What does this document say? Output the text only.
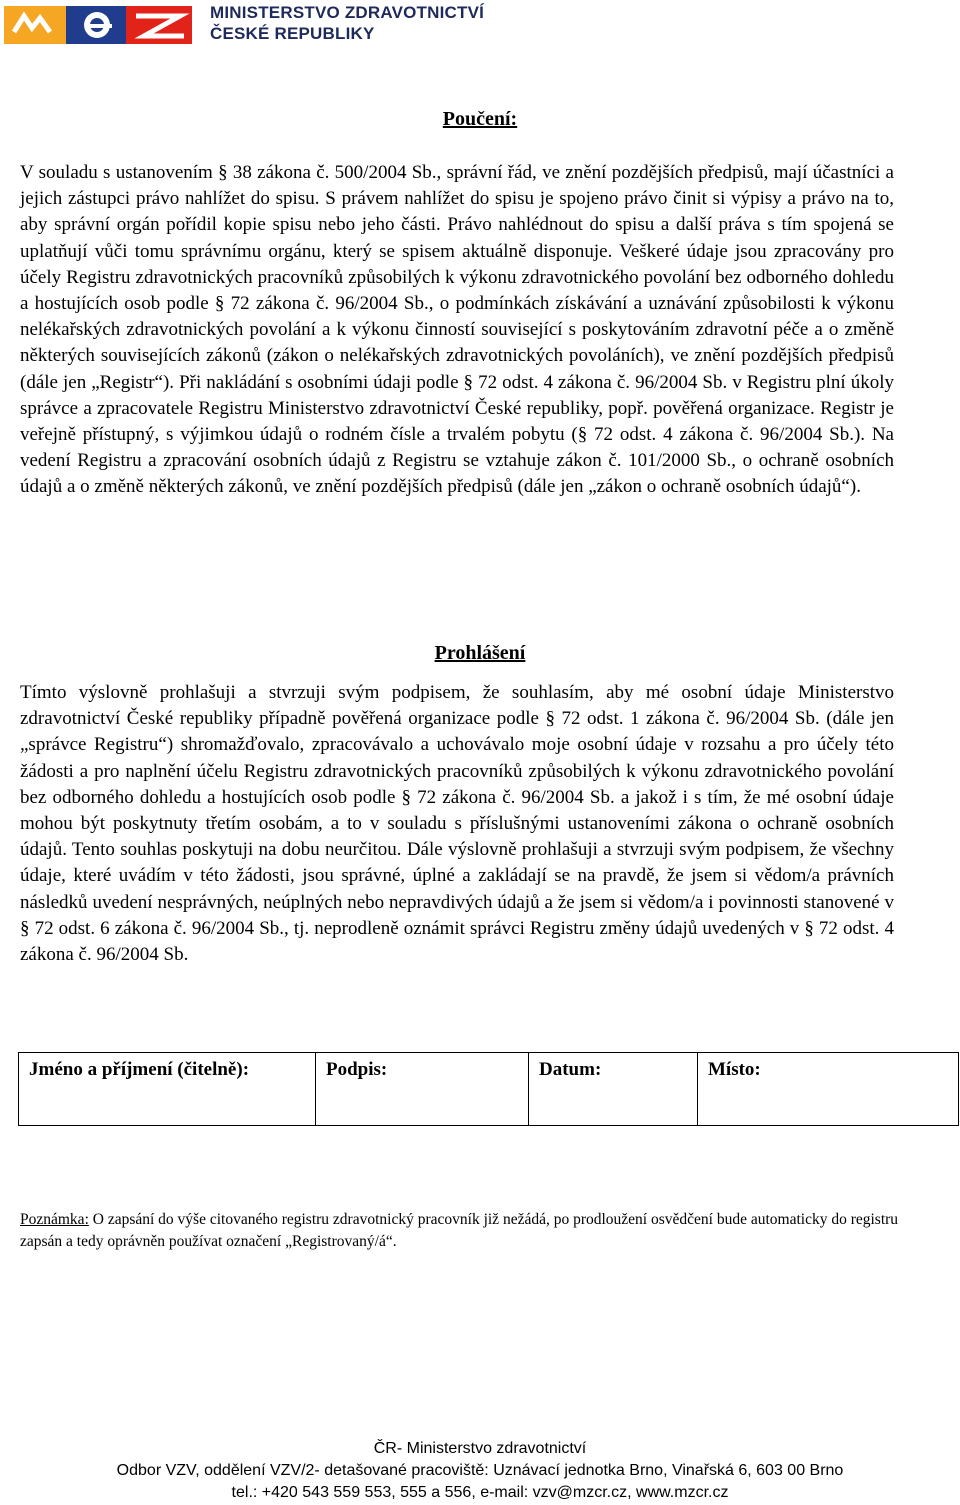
MINISTERSTVO ZDRAVOTNICTVÍ
ČESKÉ REPUBLIKY
Poučení:
V souladu s ustanovením § 38 zákona č. 500/2004 Sb., správní řád, ve znění pozdějších předpisů, mají účastníci a jejich zástupci právo nahlížet do spisu. S právem nahlížet do spisu je spojeno právo činit si výpisy a právo na to, aby správní orgán pořídil kopie spisu nebo jeho části. Právo nahlédnout do spisu a další práva s tím spojená se uplatňují vůči tomu správnímu orgánu, který se spisem aktuálně disponuje. Veškeré údaje jsou zpracovány pro účely Registru zdravotnických pracovníků způsobilých k výkonu zdravotnického povolání bez odborného dohledu a hostujících osob podle § 72 zákona č. 96/2004 Sb., o podmínkách získávání a uznávání způsobilosti k výkonu nelékařských zdravotnických povolání a k výkonu činností související s poskytováním zdravotní péče a o změně některých souvisejících zákonů (zákon o nelékařských zdravotnických povoláních), ve znění pozdějších předpisů (dále jen „Registr“). Při nakládání s osobními údaji podle § 72 odst. 4 zákona č. 96/2004 Sb. v Registru plní úkoly správce a zpracovatele Registru Ministerstvo zdravotnictví České republiky, popř. pověřená organizace. Registr je veřejně přístupný, s výjimkou údajů o rodném čísle a trvalém pobytu (§ 72 odst. 4 zákona č. 96/2004 Sb.). Na vedení Registru a zpracování osobních údajů z Registru se vztahuje zákon č. 101/2000 Sb., o ochraně osobních údajů a o změně některých zákonů, ve znění pozdějších předpisů (dále jen „zákon o ochraně osobních údajů“).
Prohlášení
Tímto výslovně prohlašuji a stvrzuji svým podpisem, že souhlasím, aby mé osobní údaje Ministerstvo zdravotnictví České republiky případně pověřená organizace podle § 72 odst. 1 zákona č. 96/2004 Sb. (dále jen „správce Registru“) shromažďovalo, zpracovávalo a uchovávalo moje osobní údaje v rozsahu a pro účely této žádosti a pro naplnění účelu Registru zdravotnických pracovníků způsobilých k výkonu zdravotnického povolání bez odborného dohledu a hostujících osob podle § 72 zákona č. 96/2004 Sb. a jakož i s tím, že mé osobní údaje mohou být poskytnuty třetím osobám, a to v souladu s příslušnými ustanoveními zákona o ochraně osobních údajů. Tento souhlas poskytuji na dobu neurčitou. Dále výslovně prohlašuji a stvrzuji svým podpisem, že všechny údaje, které uvádím v této žádosti, jsou správné, úplné a zakládají se na pravdě, že jsem si vědom/a právních následků uvedení nesprávných, neúplných nebo nepravdivých údajů a že jsem si vědom/a i povinnosti stanovené v § 72 odst. 6 zákona č. 96/2004 Sb., tj. neprodleně oznámit správci Registru změny údajů uvedených v § 72 odst. 4 zákona č. 96/2004 Sb.
Jméno a příjmení (čitelně):	Podpis:	Datum:	Místo:
Poznámka: O zapsání do výše citovaného registru zdravotnický pracovník již nežádá, po prodloužení osvědčení bude automaticky do registru zapsán a tedy oprávněn používat označení „Registrovaný/á“.
ČR- Ministerstvo zdravotnictví
Odbor VZV, oddělení VZV/2- detašované pracoviště: Uznávací jednotka Brno, Vinařská 6, 603 00 Brno
tel.: +420 543 559 553, 555 a 556, e-mail: vzv@mzcr.cz, www.mzcr.cz
